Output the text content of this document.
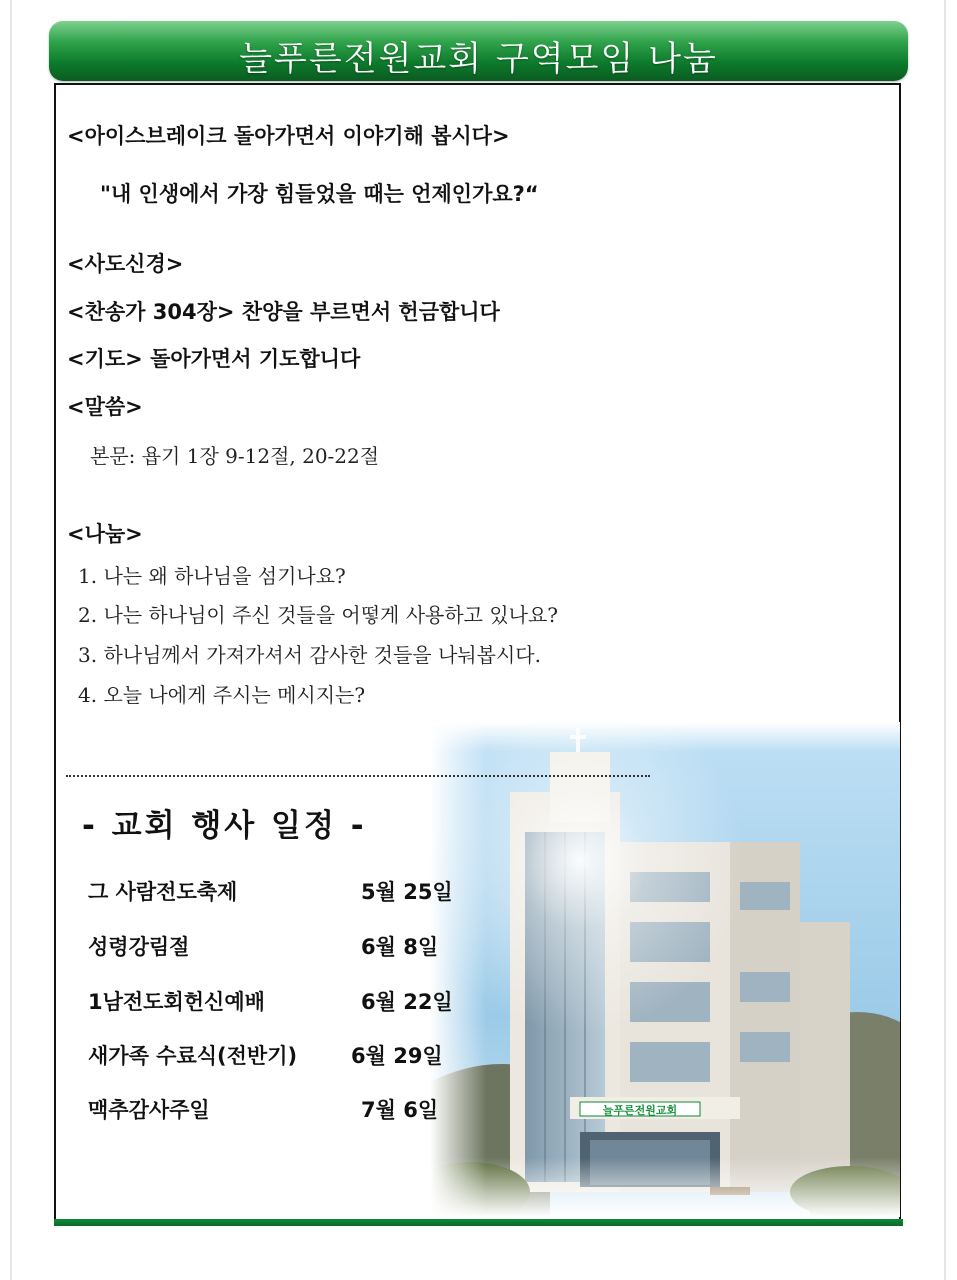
늘푸른전원교회 구역모임 나눔
<아이스브레이크 돌아가면서 이야기해 봅시다>
"내 인생에서 가장 힘들었을 때는 언제인가요?“
<사도신경>
<찬송가 304장> 찬양을 부르면서 헌금합니다
<기도> 돌아가면서 기도합니다
<말씀>
본문: 욥기 1장 9-12절, 20-22절
<나눔>
1. 나는 왜 하나님을 섬기나요?
2. 나는 하나님이 주신 것들을 어떻게 사용하고 있나요?
3. 하나님께서 가져가셔서 감사한 것들을 나눠봅시다.
4. 오늘 나에게 주시는 메시지는?
- 교회 행사 일정 -
그 사람전도축제	5월 25일
성령강림절	6월 8일
1남전도회헌신예배	6월 22일
새가족 수료식(전반기)	6월 29일
맥추감사주일	7월 6일
